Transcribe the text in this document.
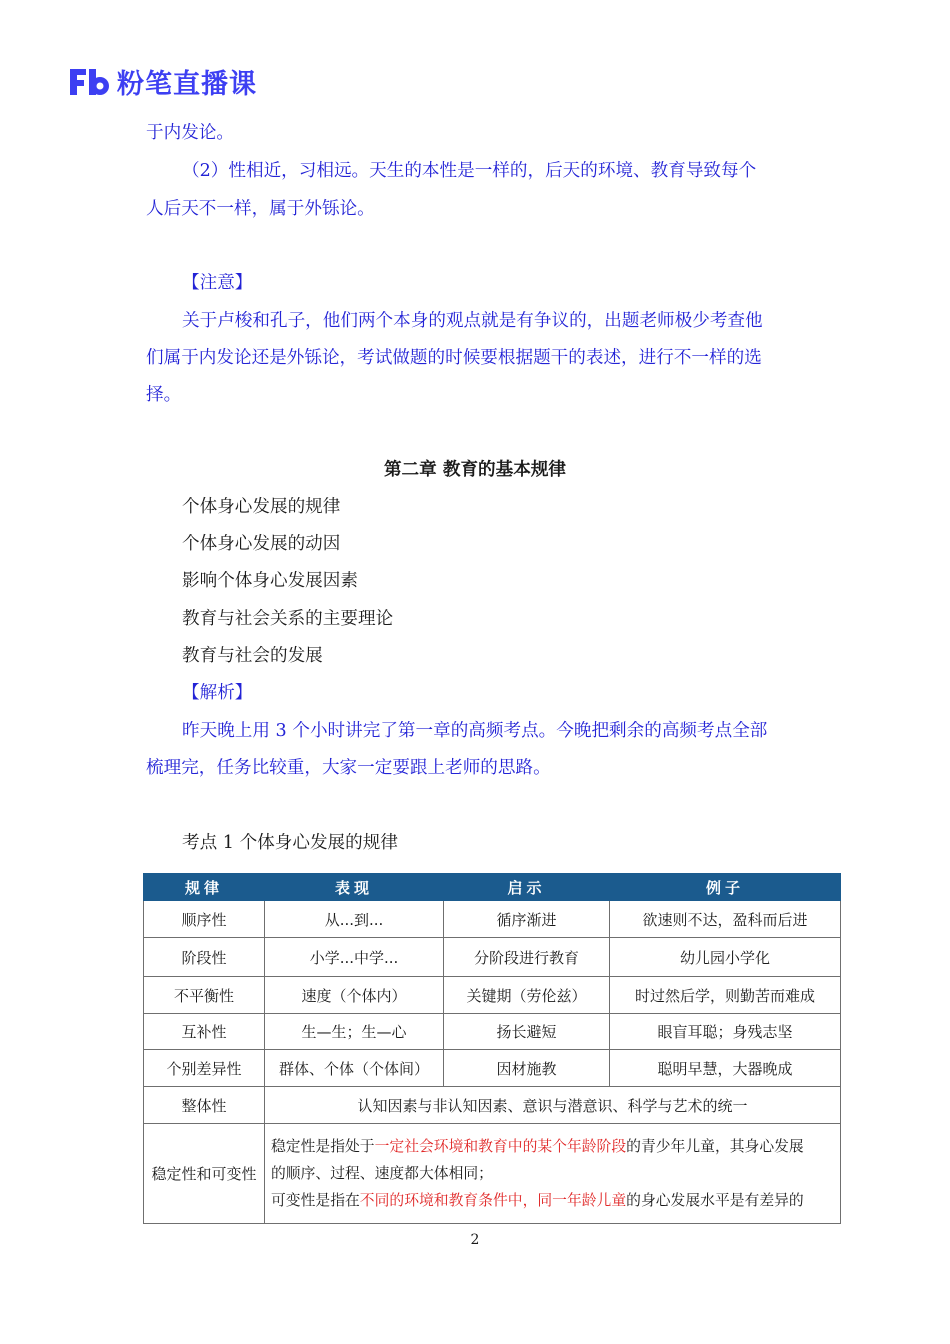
粉笔直播课
于内发论。
（2）性相近，习相远。天生的本性是一样的，后天的环境、教育导致每个
人后天不一样，属于外铄论。
【注意】
关于卢梭和孔子，他们两个本身的观点就是有争议的，出题老师极少考查他
们属于内发论还是外铄论，考试做题的时候要根据题干的表述，进行不一样的选
择。
第二章 教育的基本规律
个体身心发展的规律
个体身心发展的动因
影响个体身心发展因素
教育与社会关系的主要理论
教育与社会的发展
【解析】
昨天晚上用 3 个小时讲完了第一章的高频考点。今晚把剩余的高频考点全部
梳理完，任务比较重，大家一定要跟上老师的思路。
考点 1 个体身心发展的规律
规律	表现	启示	例子
顺序性	从...到...	循序渐进	欲速则不达，盈科而后进
阶段性	小学...中学...	分阶段进行教育	幼儿园小学化
不平衡性	速度（个体内）	关键期（劳伦兹）	时过然后学，则勤苦而难成
互补性	生—生；生—心	扬长避短	眼盲耳聪；身残志坚
个别差异性	群体、个体（个体间）	因材施教	聪明早慧，大器晚成
整体性	认知因素与非认知因素、意识与潜意识、科学与艺术的统一		
稳定性和可变性	稳定性是指处于一定社会环境和教育中的某个年龄阶段的青少年儿童，其身心发展
的顺序、过程、速度都大体相同；
可变性是指在不同的环境和教育条件中，同一年龄儿童的身心发展水平是有差异的		
2
